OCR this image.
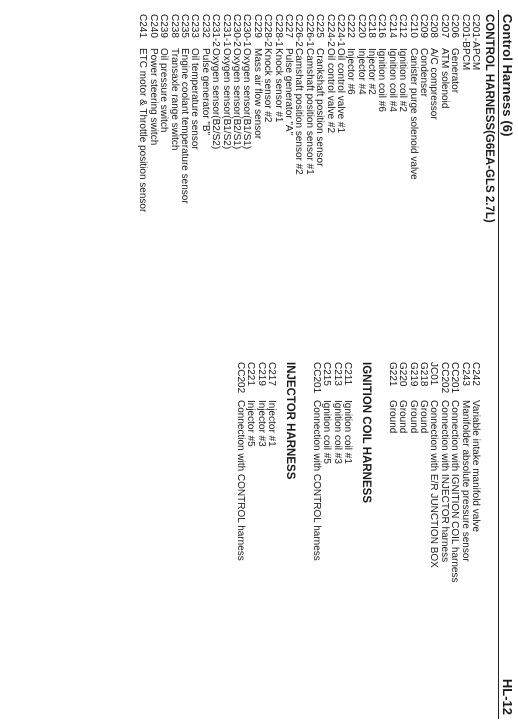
Control Harness (6)
HL-12
CONTROL HARNESS(G6EA-GLS 2.7L)
C201-A
PCM
C201-B
PCM
C206
Generator
C207
ATM solenoid
C208
A/C compressor
C209
Condenser
C210
Canister purge solenoid valve
C212
Ignition coil #2
C214
Ignition coil #4
C216
Ignition coil #6
C218
Injector #2
C220
Injector #4
C222
Injector #6
C224-1
Oil control valve #1
C224-2
Oil control valve #2
C225
Crankshaft position sensor
C226-1
Camshaft position sensor #1
C226-2
Camshaft position sensor #2
C227
Pulse generator "A"
C228-1
Knock sensor #1
C228-2
Knock sensor #2
C229
Mass air flow sensor
C230-1
Oxygen sensor(B1/S1)
C230-2
Oxygen sensor(B2/S1)
C231-1
Oxygen sensor(B1/S2)
C231-2
Oxygen sensor(B2/S2)
C232
Pulse generator "B"
C233
Oil temperature sensor
C235
Engine coolant temperature sensor
C238
Transaxle range switch
C239
Oil pressure switch
C240
Power steering switch
C241
ETC motor & Throttle position sensor
C242
Variable intake manifold valve
C243
Manifolder absolute pressure sensor
CC201
Connection with IGNITION COIL harness
CC202
Connection with INJECTOR harness
JC01
Connection with E/R JUNCTION BOX
G218
Ground
G219
Ground
G220
Ground
G221
Ground
IGNITION COIL HARNESS
C211
Ignition coil #1
C213
Ignition coil #3
C215
Ignition coil #5
CC201
Connection with CONTROL harness
INJECTOR HARNESS
C217
Injector #1
C219
Injector #3
C221
Injector #5
CC202
Connection with CONTROL harness
